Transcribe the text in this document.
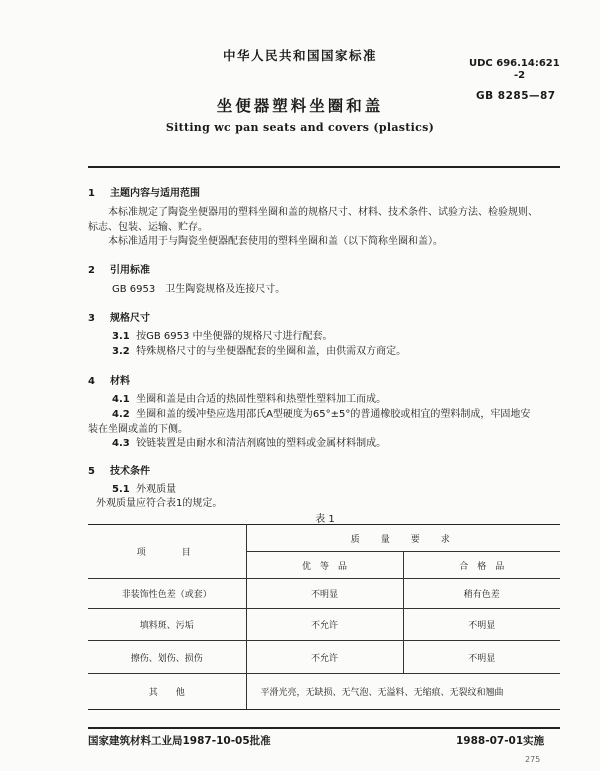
中华人民共和国国家标准
UDC 696.14:621
-2
GB 8285—87
坐便器塑料坐圈和盖
Sitting wc pan seats and covers (plastics)
1 主题内容与适用范围
本标准规定了陶瓷坐便器用的塑料坐圈和盖的规格尺寸、材料、技术条件、试验方法、检验规则、
标志、包装、运输、贮存。
本标准适用于与陶瓷坐便器配套使用的塑料坐圈和盖（以下简称坐圈和盖）。
2 引用标准
GB 6953　卫生陶瓷规格及连接尺寸。
3 规格尺寸
3.1 按GB 6953 中坐便器的规格尺寸进行配套。
3.2 特殊规格尺寸的与坐便器配套的坐圈和盖，由供需双方商定。
4 材料
4.1 坐圈和盖是由合适的热固性塑料和热塑性塑料加工而成。
4.2 坐圈和盖的缓冲垫应选用邵氏A型硬度为65°±5°的普通橡胶或相宜的塑料制成，牢固地安
装在坐圈或盖的下侧。
4.3 铰链装置是由耐水和清洁剂腐蚀的塑料或金属材料制成。
5 技术条件
5.1 外观质量
外观质量应符合表1的规定。
表 1
项　　目	质　量　要　求	
	优　等　品	合　格　品
非装饰性色差（或套）	不明显	稍有色差
填料斑、污垢	不允许	不明显
擦伤、划伤、损伤	不允许	不明显
其　　他	平滑光亮，无缺损、无气泡、无溢料、无缩痕、无裂纹和翘曲	
国家建筑材料工业局1987-10-05批准	1988-07-01实施
275
